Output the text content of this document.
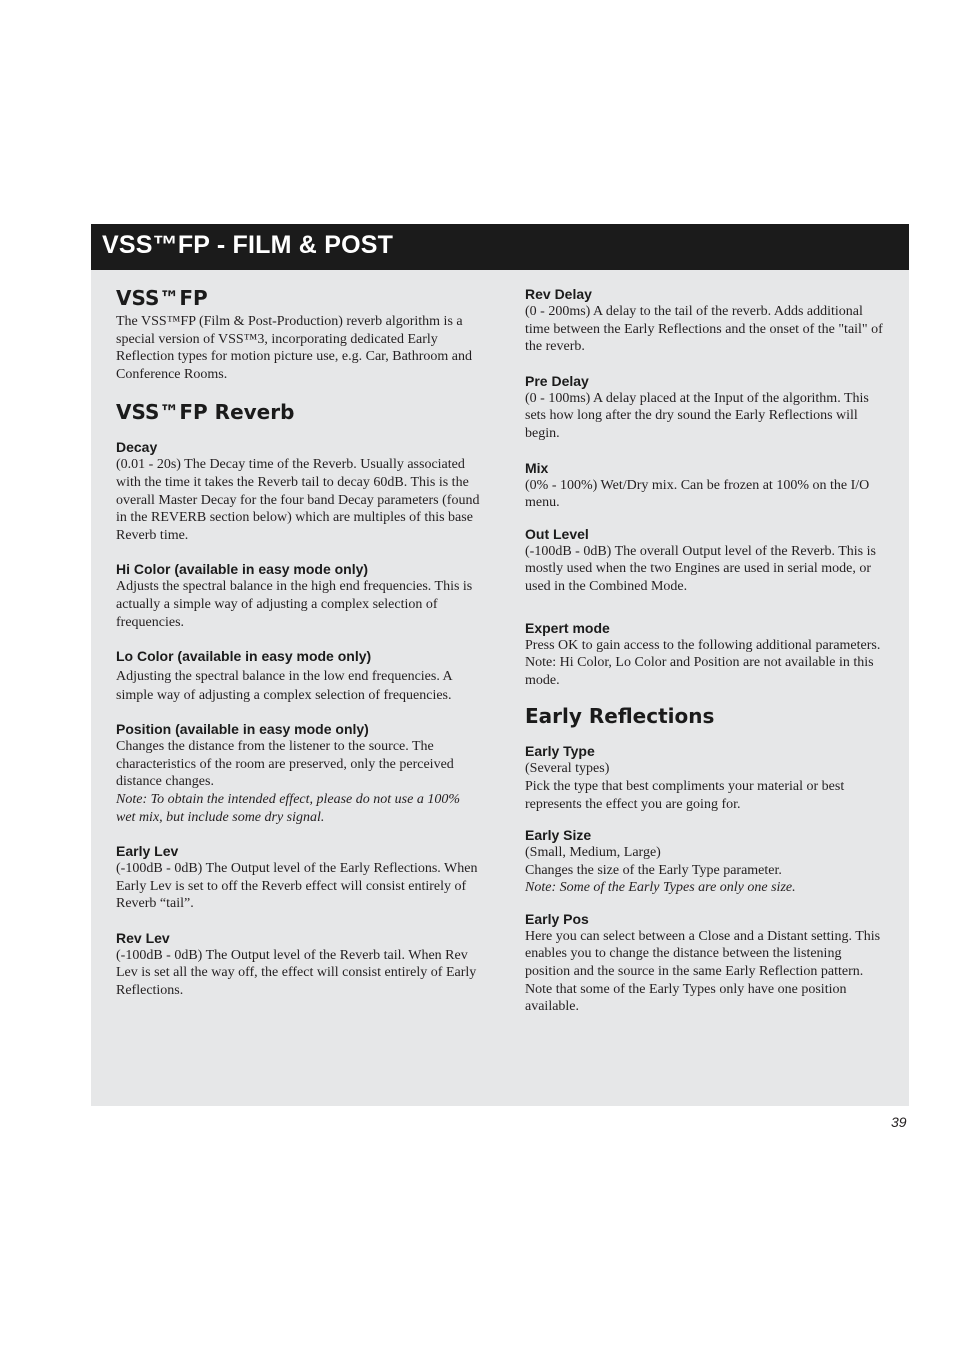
VSS™FP - FILM & POST
VSS™FP

The VSS™FP (Film & Post-Production) reverb algorithm is a special version of VSS™3, incorporating dedicated Early Reflection types for motion picture use, e.g. Car, Bathroom and Conference Rooms.

VSS™FP Reverb
Decay

(0.01 - 20s) The Decay time of the Reverb. Usually associated with the time it takes the Reverb tail to decay 60dB. This is the overall Master Decay for the four band Decay parameters (found in the REVERB section below) which are multiples of this base Reverb time.

Hi Color (available in easy mode only)

Adjusts the spectral balance in the high end frequencies. This is actually a simple way of adjusting a complex selection of frequencies.

Lo Color (available in easy mode only)

Adjusting the spectral balance in the low end frequencies. A simple way of adjusting a complex selection of frequencies.

Position (available in easy mode only)

Changes the distance from the listener to the source. The characteristics of the room are preserved, only the perceived distance changes.

Note: To obtain the intended effect, please do not use a 100% wet mix, but include some dry signal.

Early Lev

(-100dB - 0dB) The Output level of the Early Reflections. When Early Lev is set to off the Reverb effect will consist entirely of Reverb “tail”.

Rev Lev

(-100dB - 0dB) The Output level of the Reverb tail. When Rev Lev is set all the way off, the effect will consist entirely of Early Reflections.

Rev Delay

(0 - 200ms) A delay to the tail of the reverb. Adds additional time between the Early Reflections and the onset of the "tail" of the reverb.

Pre Delay

(0 - 100ms) A delay placed at the Input of the algorithm. This sets how long after the dry sound the Early Reflections will begin.

Mix

(0% - 100%) Wet/Dry mix. Can be frozen at 100% on the I/O menu.

Out Level

(-100dB - 0dB) The overall Output level of the Reverb. This is mostly used when the two Engines are used in serial mode, or used in the Combined Mode.

Expert mode

Press OK to gain access to the following additional parameters.

Note: Hi Color, Lo Color and Position are not available in this mode.

Early Reflections
Early Type

(Several types)

Pick the type that best compliments your material or best represents the effect you are going for.

Early Size

(Small, Medium, Large)

Changes the size of the Early Type parameter.

Note: Some of the Early Types are only one size.

Early Pos

Here you can select between a Close and a Distant setting. This enables you to change the distance between the listening position and the source in the same Early Reflection pattern. Note that some of the Early Types only have one position available.

39
